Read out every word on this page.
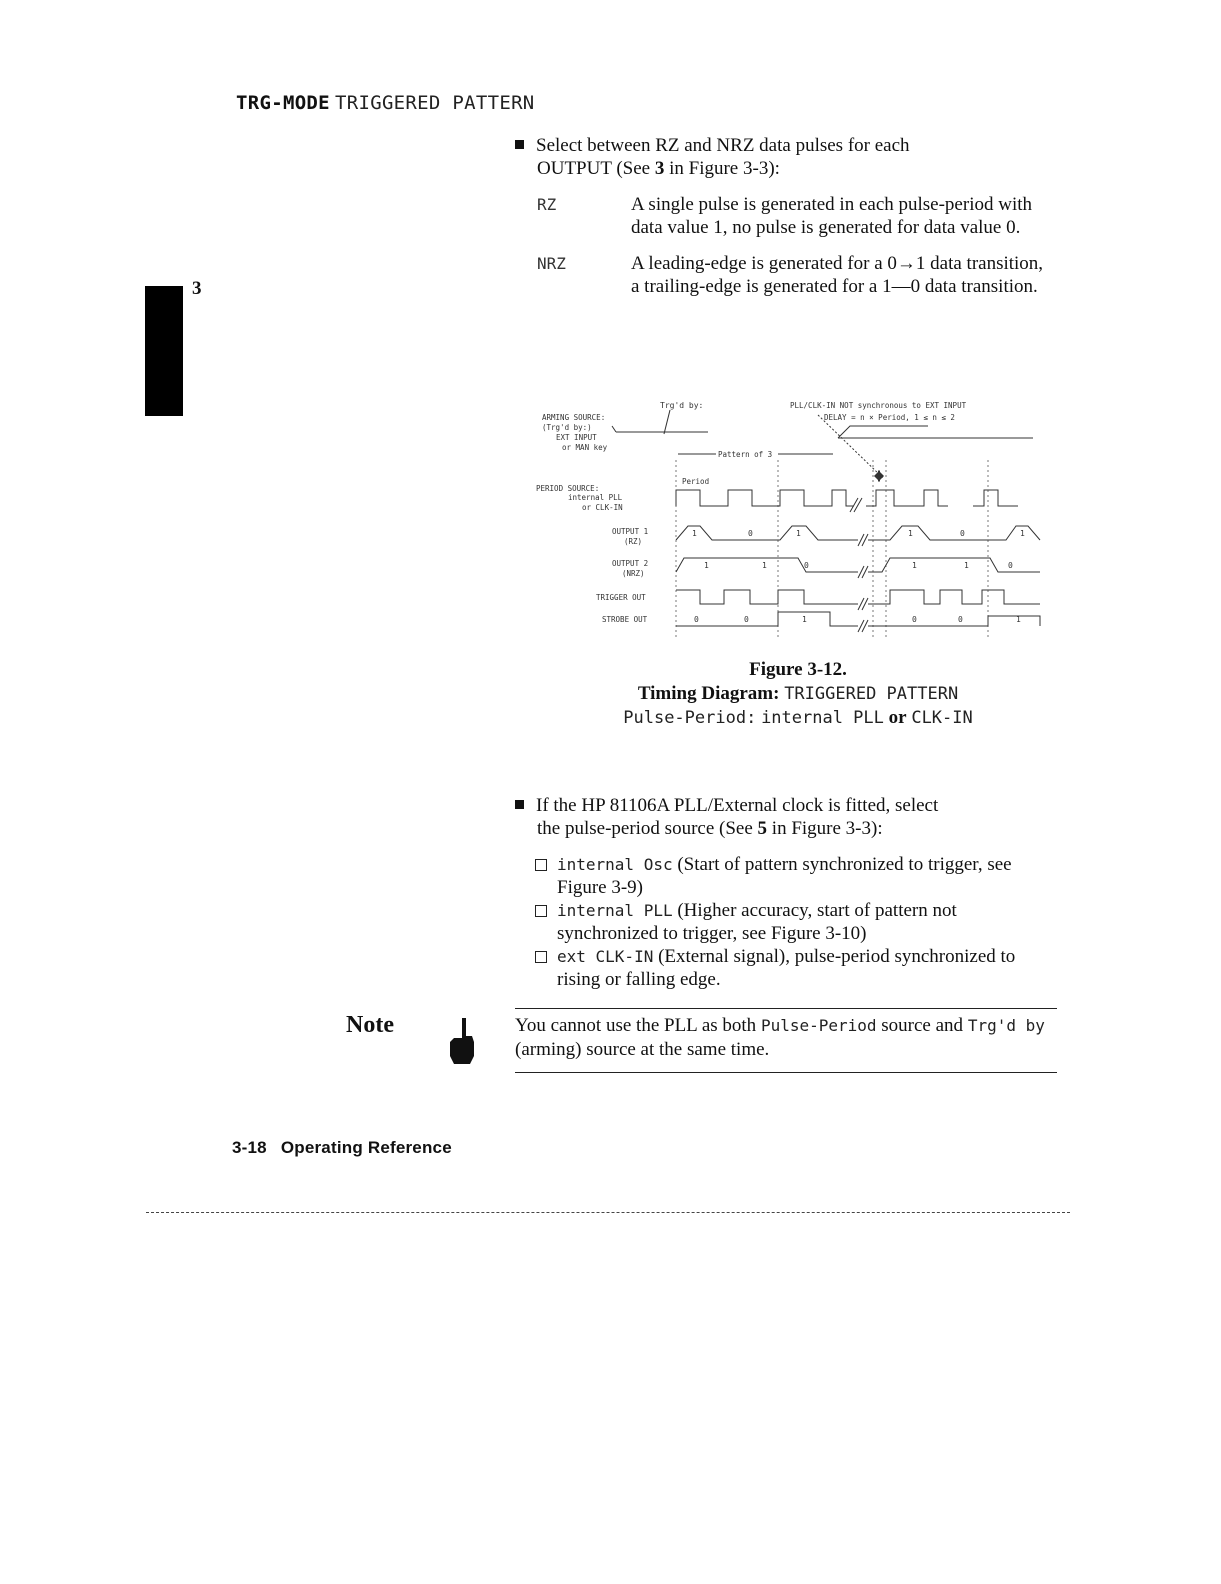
TRG-MODE TRIGGERED PATTERN
3
Select between RZ and NRZ data pulses for each
OUTPUT (See 3 in Figure 3-3):
RZ	A single pulse is generated in each pulse-period with data value 1, no pulse is generated for data value 0.
NRZ	A leading-edge is generated for a 0→1 data transition, a trailing-edge is generated for a 1—0 data transition.
Trg'd by:	PLL/CLK-IN NOT synchronous to EXT INPUT
DELAY = n × Period, 1 ≤ n ≤ 2
ARMING SOURCE:
(Trg'd by:)
EXT INPUT
or MAN key
Pattern of 3
Period
PERIOD SOURCE:
internal PLL
or CLK-IN
OUTPUT 1
(RZ)
OUTPUT 2
(NRZ)
TRIGGER OUT
STROBE OUT
1	0	1	1	0	1
1	1	0	1	1	0
0	0	1	0	0	1
Figure 3-12.
Timing Diagram: TRIGGERED PATTERN
Pulse-Period: internal PLL or CLK-IN
If the HP 81106A PLL/External clock is fitted, select
the pulse-period source (See 5 in Figure 3-3):
internal Osc (Start of pattern synchronized to trigger, see Figure 3-9)
internal PLL (Higher accuracy, start of pattern not synchronized to trigger, see Figure 3-10)
ext CLK-IN (External signal), pulse-period synchronized to rising or falling edge.
Note	You cannot use the PLL as both Pulse-Period source and Trg'd by (arming) source at the same time.
3-18 Operating Reference
